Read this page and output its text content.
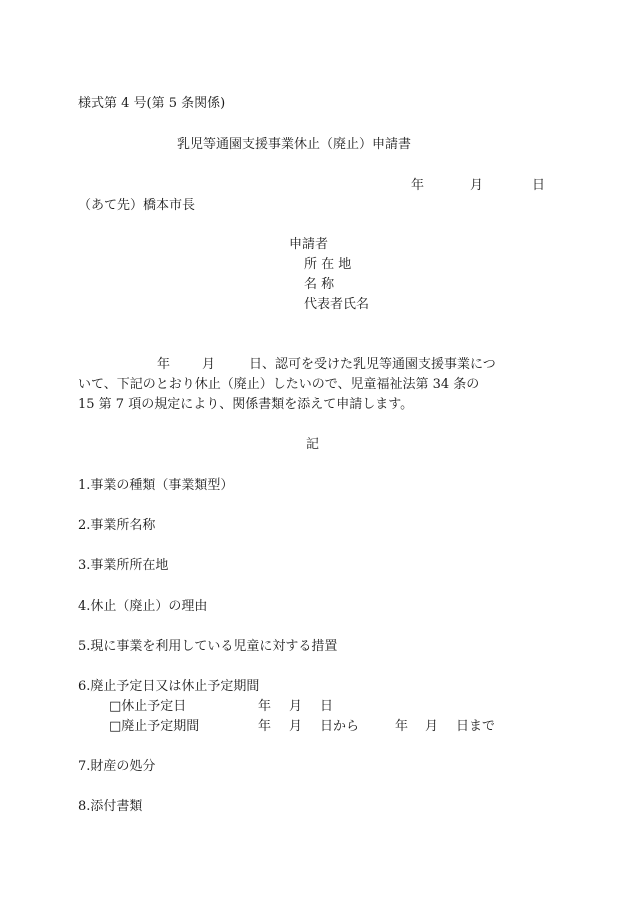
様式第 4 号(第 5 条関係)
乳児等通園支援事業休止（廃止）申請書
年	月	日
（あて先）橋本市長
申請者
所 在 地
名 称
代表者氏名
年 月	日、認可を受けた乳児等通園支援事業につ
いて、下記のとおり休止（廃止）したいので、児童福祉法第 34 条の
15 第 7 項の規定により、関係書類を添えて申請します。
記
1.事業の種類（事業類型）
2.事業所名称
3.事業所所在地
4.休止（廃止）の理由
5.現に事業を利用している児童に対する措置
6.廃止予定日又は休止予定期間
□休止予定日	年 月 日
□廃止予定期間	年 月 日から	年 月 日まで
7.財産の処分
8.添付書類
